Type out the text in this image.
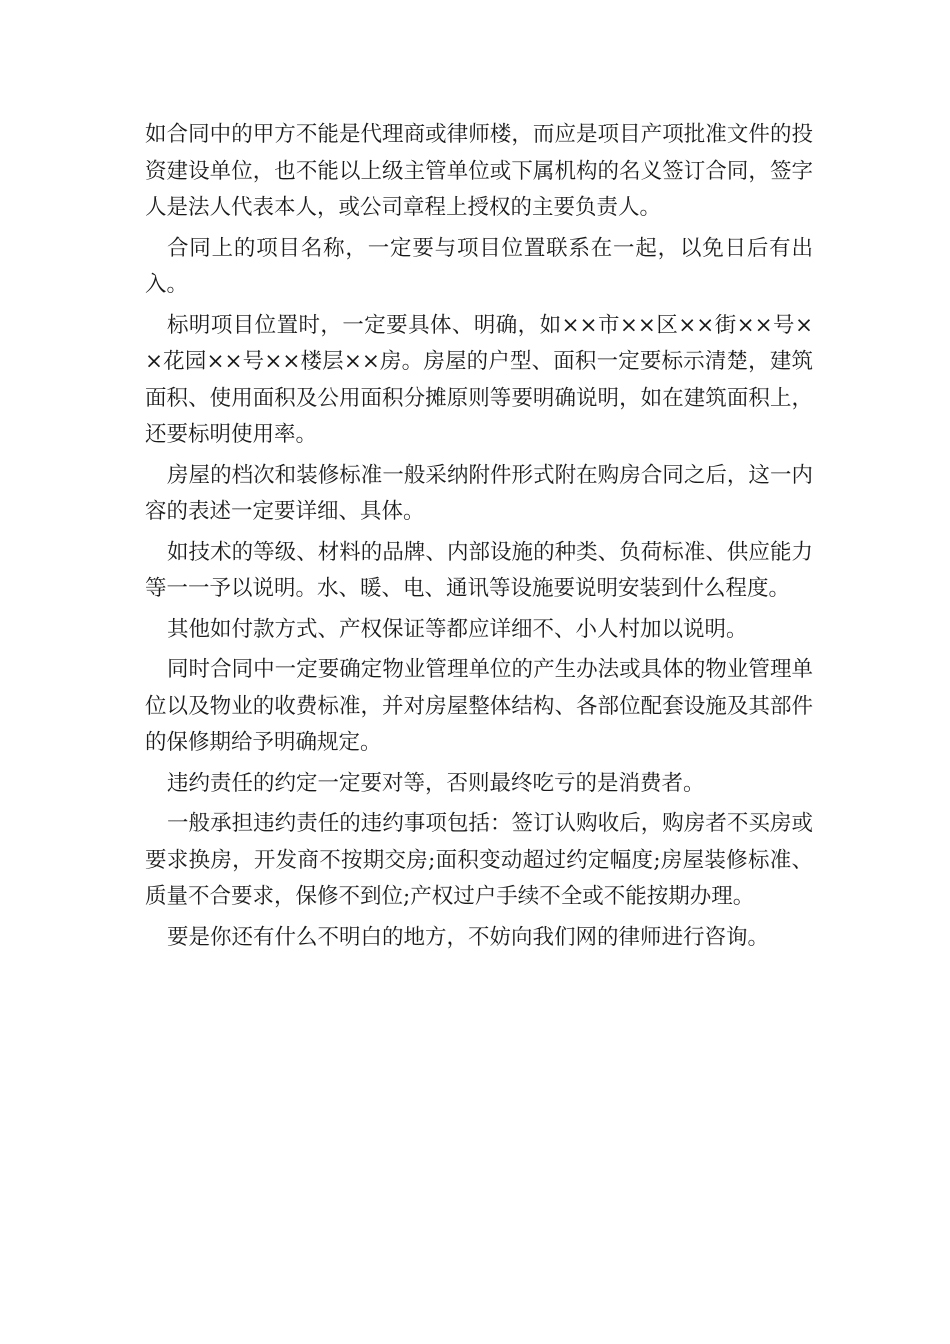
如合同中的甲方不能是代理商或律师楼，而应是项目产项批准文件的投资建设单位，也不能以上级主管单位或下属机构的名义签订合同，签字人是法人代表本人，或公司章程上授权的主要负责人。

合同上的项目名称，一定要与项目位置联系在一起，以免日后有出入。

标明项目位置时，一定要具体、明确，如××市××区××街××号××花园××号××楼层××房。房屋的户型、面积一定要标示清楚，建筑面积、使用面积及公用面积分摊原则等要明确说明，如在建筑面积上，还要标明使用率。

房屋的档次和装修标准一般采纳附件形式附在购房合同之后，这一内容的表述一定要详细、具体。

如技术的等级、材料的品牌、内部设施的种类、负荷标准、供应能力等一一予以说明。水、暖、电、通讯等设施要说明安装到什么程度。

其他如付款方式、产权保证等都应详细不、小人村加以说明。

同时合同中一定要确定物业管理单位的产生办法或具体的物业管理单位以及物业的收费标准，并对房屋整体结构、各部位配套设施及其部件的保修期给予明确规定。

违约责任的约定一定要对等，否则最终吃亏的是消费者。

一般承担违约责任的违约事项包括：签订认购收后，购房者不买房或要求换房，开发商不按期交房;面积变动超过约定幅度;房屋装修标准、质量不合要求，保修不到位;产权过户手续不全或不能按期办理。

要是你还有什么不明白的地方，不妨向我们网的律师进行咨询。
